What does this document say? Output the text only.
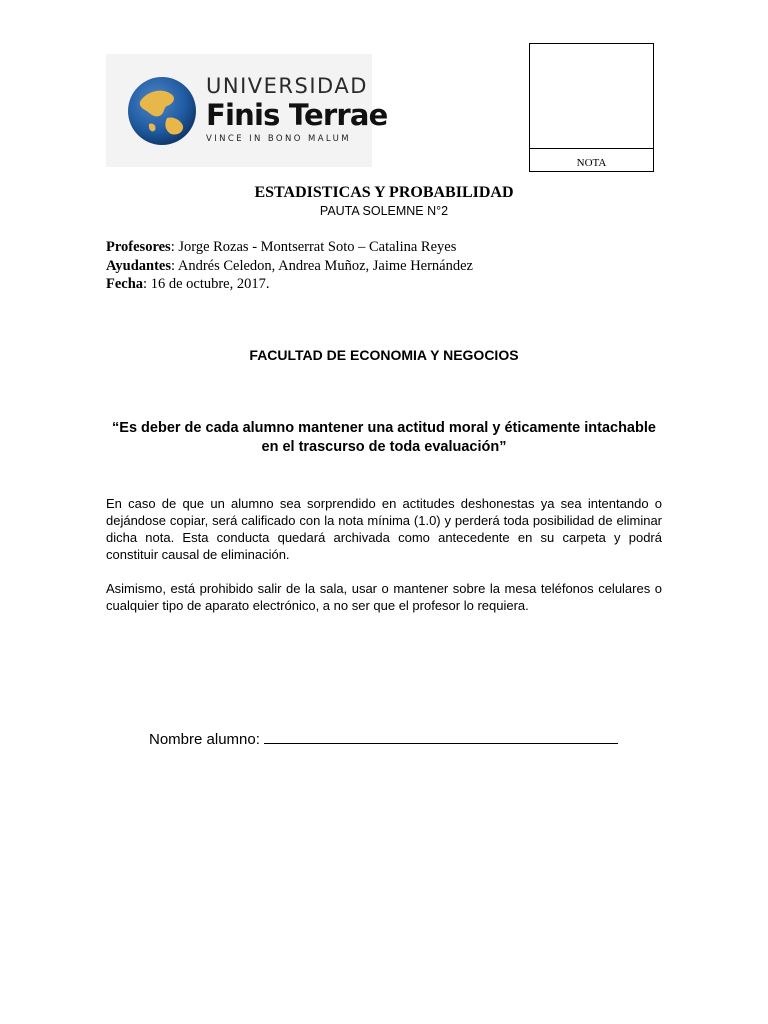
UNIVERSIDAD
Finis Terrae
VINCE IN BONO MALUM
NOTA
ESTADISTICAS Y PROBABILIDAD
PAUTA SOLEMNE N°2
Profesores: Jorge Rozas - Montserrat Soto – Catalina Reyes
Ayudantes: Andrés Celedon, Andrea Muñoz, Jaime Hernández
Fecha: 16 de octubre, 2017.
FACULTAD DE ECONOMIA Y NEGOCIOS
“Es deber de cada alumno mantener una actitud moral y éticamente intachable en el trascurso de toda evaluación”
En caso de que un alumno sea sorprendido en actitudes deshonestas ya sea intentando o dejándose copiar, será calificado con la nota mínima (1.0) y perderá toda posibilidad de eliminar dicha nota. Esta conducta quedará archivada como antecedente en su carpeta y podrá constituir causal de eliminación.
Asimismo, está prohibido salir de la sala, usar o mantener sobre la mesa teléfonos celulares o cualquier tipo de aparato electrónico, a no ser que el profesor lo requiera.
Nombre alumno:
